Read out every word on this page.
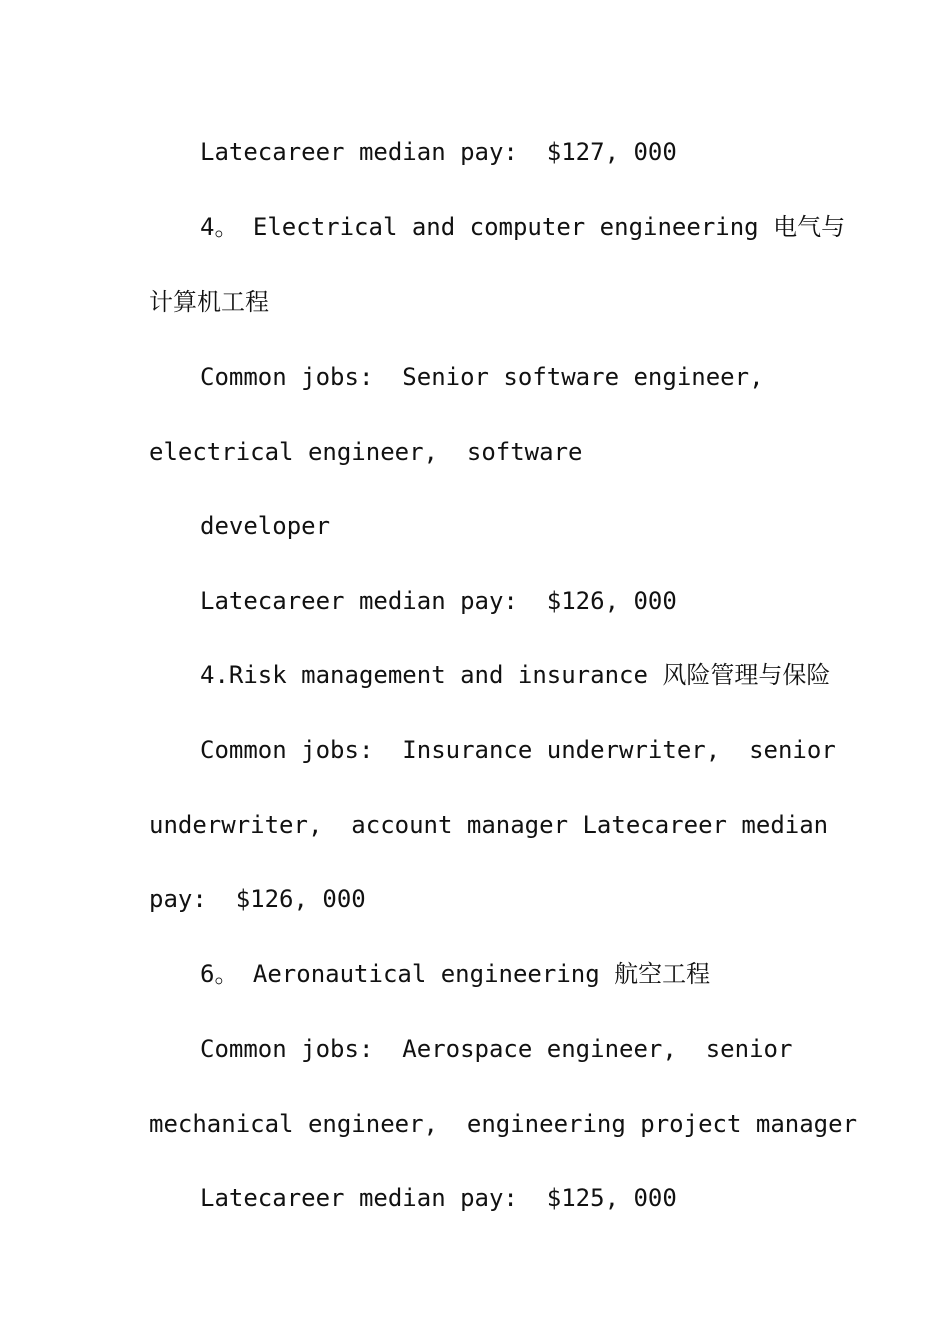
Latecareer median pay:  $127, 000
4。 Electrical and computer engineering 电气与
计算机工程
Common jobs:  Senior software engineer,
electrical engineer,  software
developer
Latecareer median pay:  $126, 000
4.Risk management and insurance 风险管理与保险
Common jobs:  Insurance underwriter,  senior
underwriter,  account manager Latecareer median
pay:  $126, 000
6。 Aeronautical engineering 航空工程
Common jobs:  Aerospace engineer,  senior
mechanical engineer,  engineering project manager
Latecareer median pay:  $125, 000
